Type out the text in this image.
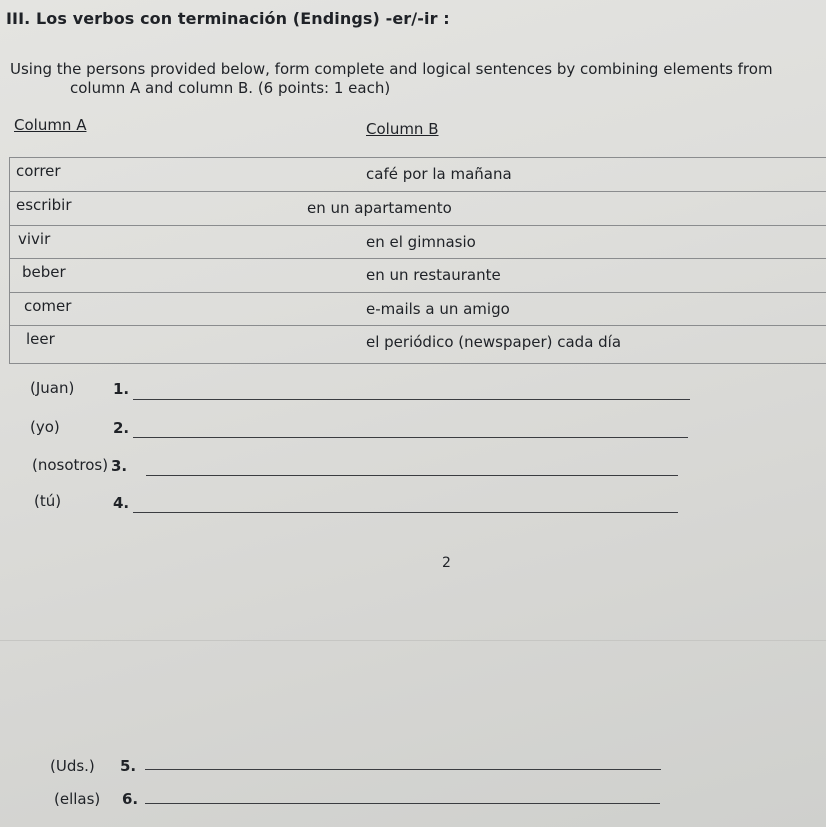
III. Los verbos con terminación (Endings) -er/-ir :
Using the persons provided below, form complete and logical sentences by combining elements from
column A and column B. (6 points: 1 each)
Column A	Column B
correr	café por la mañana
escribir	en un apartamento
vivir	en el gimnasio
beber	en un restaurante
comer	e-mails a un amigo
leer	el periódico (newspaper) cada día
(Juan)	1.
(yo)	2.
(nosotros) 3.
(tú)	4.
2
(Uds.) 5.
(ellas) 6.
